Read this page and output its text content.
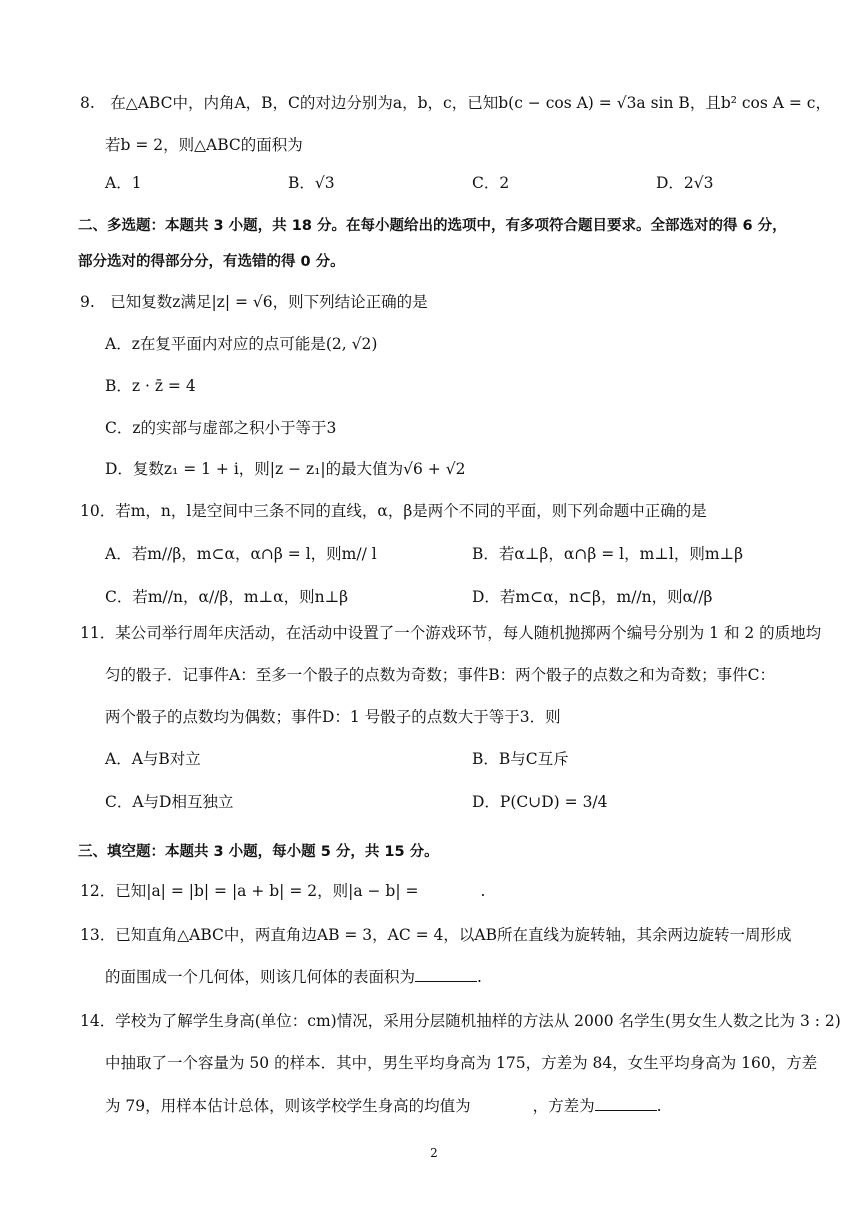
8.　在△ABC中，内角A，B，C的对边分别为a，b，c，已知b(c − cos A) = √3a sin B，且b² cos A = c，
若b = 2，则△ABC的面积为
A．1	B．√3	C．2	D．2√3
二、多选题：本题共 3 小题，共 18 分。在每小题给出的选项中，有多项符合题目要求。全部选对的得 6 分，
部分选对的得部分分，有选错的得 0 分。
9.　已知复数z满足|z| = √6，则下列结论正确的是
A．z在复平面内对应的点可能是(2, √2)
B．z · z̄ = 4
C．z的实部与虚部之积小于等于3
D．复数z₁ = 1 + i，则|z − z₁|的最大值为√6 + √2
10．若m，n，l是空间中三条不同的直线，α，β是两个不同的平面，则下列命题中正确的是
A．若m//β，m⊂α，α∩β = l，则m// l	B．若α⊥β，α∩β = l，m⊥l，则m⊥β
C．若m//n，α//β，m⊥α，则n⊥β	D．若m⊂α，n⊂β，m//n，则α//β
11．某公司举行周年庆活动，在活动中设置了一个游戏环节，每人随机抛掷两个编号分别为 1 和 2 的质地均
匀的骰子．记事件A：至多一个骰子的点数为奇数；事件B：两个骰子的点数之和为奇数；事件C：
两个骰子的点数均为偶数；事件D：1 号骰子的点数大于等于3．则
A．A与B对立	B．B与C互斥
C．A与D相互独立	D．P(C∪D) = 3/4
三、填空题：本题共 3 小题，每小题 5 分，共 15 分。
12．已知|a| = |b| = |a + b| = 2，则|a − b| =	.
13．已知直角△ABC中，两直角边AB = 3，AC = 4，以AB所在直线为旋转轴，其余两边旋转一周形成
的面围成一个几何体，则该几何体的表面积为	.
14．学校为了解学生身高(单位：cm)情况，采用分层随机抽样的方法从 2000 名学生(男女生人数之比为 3 : 2)
中抽取了一个容量为 50 的样本．其中，男生平均身高为 175，方差为 84，女生平均身高为 160，方差
为 79，用样本估计总体，则该学校学生身高的均值为	，方差为	.
2
